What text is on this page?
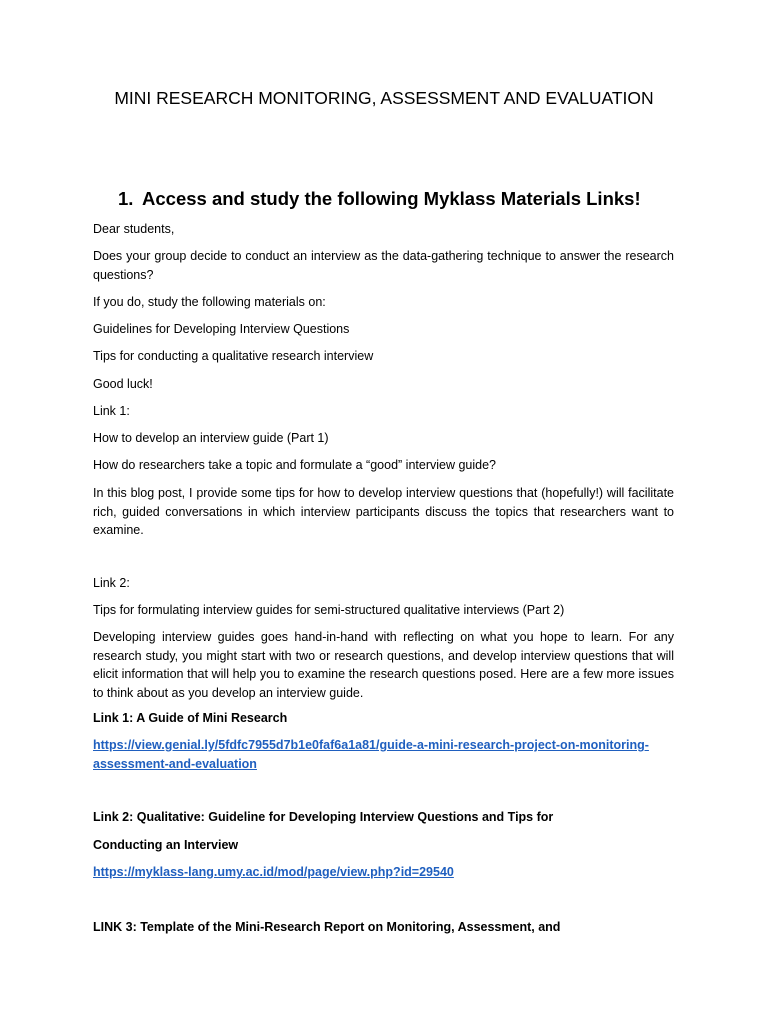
MINI RESEARCH MONITORING, ASSESSMENT AND EVALUATION
1. Access and study the following Myklass Materials Links!

Dear students,

Does your group decide to conduct an interview as the data-gathering technique to answer the research questions?

If you do, study the following materials on:

Guidelines for Developing Interview Questions

Tips for conducting a qualitative research interview

Good luck!

Link 1:

How to develop an interview guide (Part 1)

How do researchers take a topic and formulate a “good” interview guide?

In this blog post, I provide some tips for how to develop interview questions that (hopefully!) will facilitate rich, guided conversations in which interview participants discuss the topics that researchers want to examine.

Link 2:

Tips for formulating interview guides for semi-structured qualitative interviews (Part 2)

Developing interview guides goes hand-in-hand with reflecting on what you hope to learn. For any research study, you might start with two or research questions, and develop interview questions that will elicit information that will help you to examine the research questions posed. Here are a few more issues to think about as you develop an interview guide.

Link 1: A Guide of Mini Research

https://view.genial.ly/5fdfc7955d7b1e0faf6a1a81/guide-a-mini-research-project-on-monitoring-
assessment-and-evaluation

Link 2: Qualitative: Guideline for Developing Interview Questions and Tips for

Conducting an Interview

https://myklass-lang.umy.ac.id/mod/page/view.php?id=29540

LINK 3: Template of the Mini-Research Report on Monitoring, Assessment, and
